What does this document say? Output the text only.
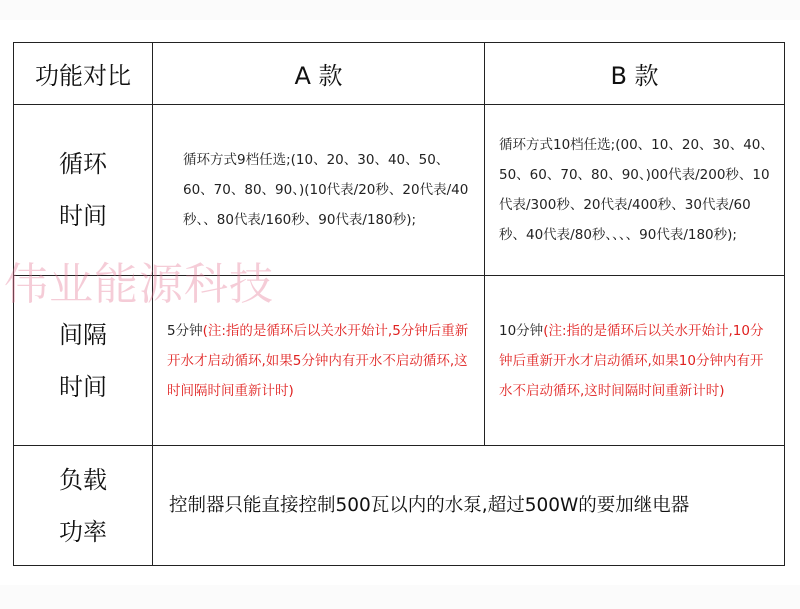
功能对比	A 款	B 款

循环
时间	循环方式9档任选;(10、20、30、40、50、60、70、80、90、)(10代表/20秒、20代表/40秒、、80代表/160秒、90代表/180秒);	循环方式10档任选;(00、10、20、30、40、50、60、70、80、90、)00代表/200秒、10代表/300秒、20代表/400秒、30代表/60秒、40代表/80秒、、、、90代表/180秒);

间隔
时间	5分钟(注:指的是循环后以关水开始计,5分钟后重新开水才启动循环,如果5分钟内有开水不启动循环,这时间隔时间重新计时)	10分钟(注:指的是循环后以关水开始计,10分钟后重新开水才启动循环,如果10分钟内有开水不启动循环,这时间隔时间重新计时)

负载
功率	控制器只能直接控制500瓦以内的水泵,超过500W的要加继电器	
伟业能源科技
